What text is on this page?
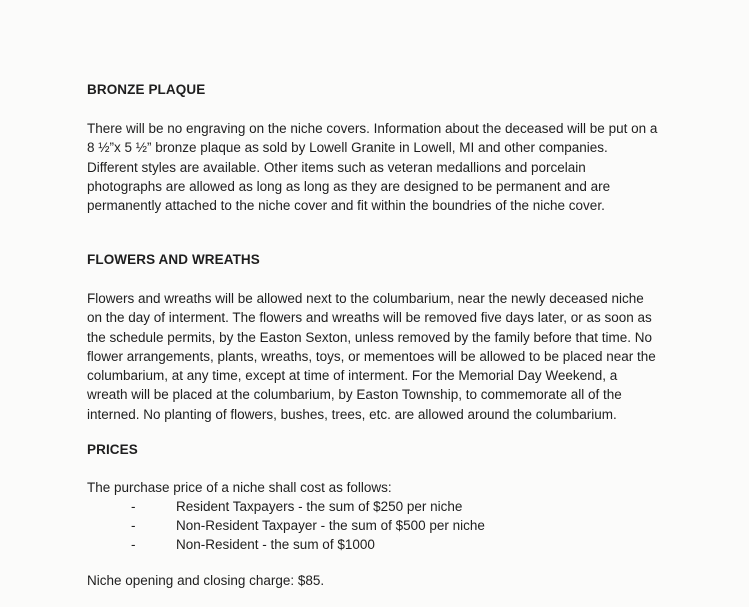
BRONZE PLAQUE

There will be no engraving on the niche covers. Information about the deceased will be put on a
8 ½”x 5 ½” bronze plaque as sold by Lowell Granite in Lowell, MI and other companies.
Different styles are available. Other items such as veteran medallions and porcelain
photographs are allowed as long as long as they are designed to be permanent and are
permanently attached to the niche cover and fit within the boundries of the niche cover.

FLOWERS AND WREATHS

Flowers and wreaths will be allowed next to the columbarium, near the newly deceased niche
on the day of interment. The flowers and wreaths will be removed five days later, or as soon as
the schedule permits, by the Easton Sexton, unless removed by the family before that time. No
flower arrangements, plants, wreaths, toys, or mementoes will be allowed to be placed near the
columbarium, at any time, except at time of interment. For the Memorial Day Weekend, a
wreath will be placed at the columbarium, by Easton Township, to commemorate all of the
interned. No planting of flowers, bushes, trees, etc. are allowed around the columbarium.

PRICES

The purchase price of a niche shall cost as follows:

-	Resident Taxpayers - the sum of $250 per niche
-	Non-Resident Taxpayer - the sum of $500 per niche
-	Non-Resident - the sum of $1000

Niche opening and closing charge: $85.
